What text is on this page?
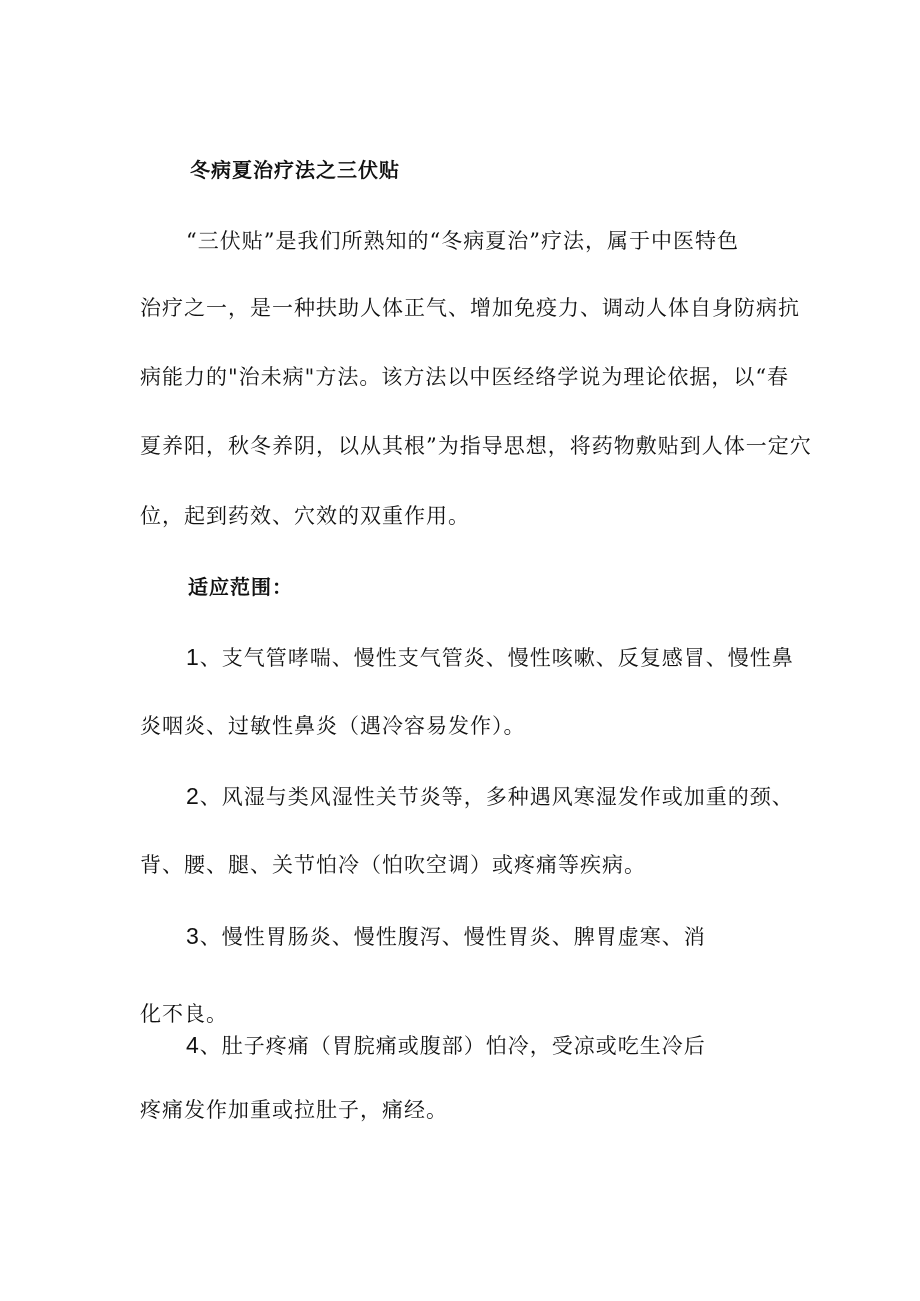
冬病夏治疗法之三伏贴
“三伏贴”是我们所熟知的“冬病夏治”疗法，属于中医特色
治疗之一，是一种扶助人体正气、增加免疫力、调动人体自身防病抗
病能力的"治未病"方法。该方法以中医经络学说为理论依据，以“春
夏养阳，秋冬养阴，以从其根”为指导思想，将药物敷贴到人体一定穴
位，起到药效、穴效的双重作用。
适应范围：
1、支气管哮喘、慢性支气管炎、慢性咳嗽、反复感冒、慢性鼻
炎咽炎、过敏性鼻炎（遇冷容易发作）。
2、风湿与类风湿性关节炎等，多种遇风寒湿发作或加重的颈、
背、腰、腿、关节怕冷（怕吹空调）或疼痛等疾病。
3、慢性胃肠炎、慢性腹泻、慢性胃炎、脾胃虚寒、消
化不良。
4、肚子疼痛（胃脘痛或腹部）怕冷，受凉或吃生冷后
疼痛发作加重或拉肚子，痛经。
